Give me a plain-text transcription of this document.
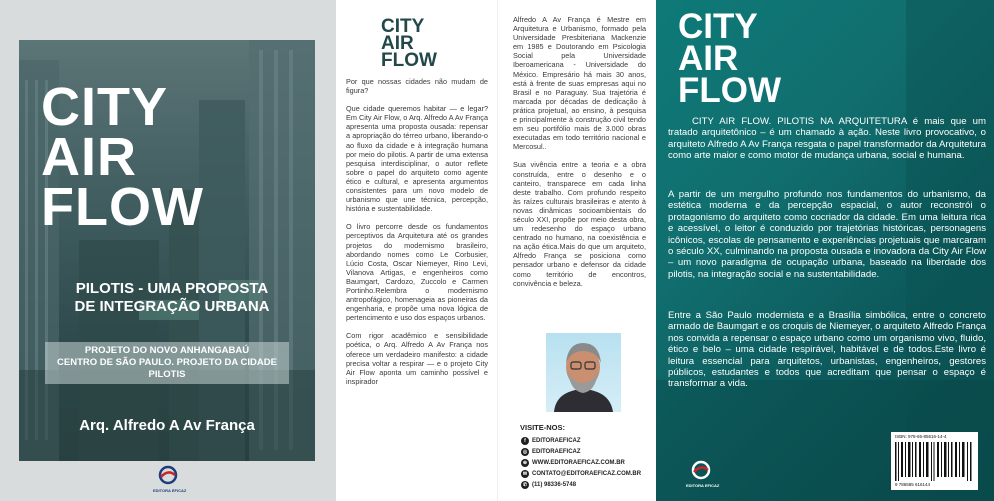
CITY
AIR
FLOW
PILOTIS - UMA PROPOSTA
DE INTEGRAÇÃO URBANA
PROJETO DO NOVO ANHANGABAÚ
CENTRO DE SÃO PAULO. PROJETO DA CIDADE PILOTIS
Arq. Alfredo A Av França
EDITORA EFICAZ
CITY
AIR
FLOW

Por que nossas cidades não mudam de figura?

Que cidade queremos habitar — e legar? Em City Air Flow, o Arq. Alfredo A Av França apresenta uma proposta ousada: repensar a apropriação do térreo urbano, liberando-o ao fluxo da cidade e à integração humana por meio do pilotis. A partir de uma extensa pesquisa interdisciplinar, o autor reflete sobre o papel do arquiteto como agente ético e cultural, e apresenta argumentos consistentes para um novo modelo de urbanismo que une técnica, percepção, história e sustentabilidade.

O livro percorre desde os fundamentos perceptivos da Arquitetura até os grandes projetos do modernismo brasileiro, abordando nomes como Le Corbusier, Lúcio Costa, Oscar Niemeyer, Rino Levi, Vilanova Artigas, e engenheiros como Baumgart, Cardozo, Zuccolo e Carmen Portinho.Relembra o modernismo antropofágico, homenageia as pioneiras da engenharia, e propõe uma nova lógica de pertencimento e uso dos espaços urbanos.

Com rigor acadêmico e sensibilidade poética, o Arq. Alfredo A Av França nos oferece um verdadeiro manifesto: a cidade precisa voltar a respirar — e o projeto City Air Flow aponta um caminho possível e inspirador

Alfredo A Av França é Mestre em Arquitetura e Urbanismo, formado pela Universidade Presbiteriana Mackenzie em 1985 e Doutorando em Psicologia Social pela Universidade Iberoamericana - Universidade do México. Empresário há mais 30 anos, está à frente de suas empresas aqui no Brasil e no Paraguay. Sua trajetória é marcada por décadas de dedicação à prática projetual, ao ensino, à pesquisa e principalmente à construção civil tendo em seu portifólio mais de 3.000 obras executadas em todo território nacional e Mercosul..

Sua vivência entre a teoria e a obra construída, entre o desenho e o canteiro, transparece em cada linha deste trabalho. Com profundo respeito às raízes culturais brasileiras e atento à novas dinâmicas socioambientais do século XXI, propõe por meio desta obra, um redesenho do espaço urbano centrado no humano, na coexistência e na ação ética.Mais do que um arquiteto, Alfredo França se posiciona como pensador urbano e defensor da cidade como território de encontros, convivência e beleza.

VISITE-NOS:
f	EDITORAEFICAZ
◎ EDITORAEFICAZ
⊕ WWW.EDITORAEFICAZ.COM.BR
✉ CONTATO@EDITORAEFICAZ.COM.BR
✆ (11) 98336-5748
CITY
AIR
FLOW
CITY AIR FLOW. PILOTIS NA ARQUITETURA é mais que um tratado arquitetônico – é um chamado à ação. Neste livro provocativo, o arquiteto Alfredo A Av França resgata o papel transformador da Arquitetura como arte maior e como motor de mudança urbana, social e humana.
A partir de um mergulho profundo nos fundamentos do urbanismo, da estética moderna e da percepção espacial, o autor reconstrói o protagonismo do arquiteto como cocriador da cidade. Em uma leitura rica e acessível, o leitor é conduzido por trajetórias históricas, personagens icônicos, escolas de pensamento e experiências projetuais que marcaram o século XX, culminando na proposta ousada e inovadora da City Air Flow – um novo paradigma de ocupação urbana, baseado na liberdade dos pilotis, na integração social e na sustentabilidade.
Entre a São Paulo modernista e a Brasília simbólica, entre o concreto armado de Baumgart e os croquis de Niemeyer, o arquiteto Alfredo França nos convida a repensar o espaço urbano como um organismo vivo, fluido, ético e belo – uma cidade respirável, habitável e de todos.Este livro é leitura essencial para arquitetos, urbanistas, engenheiros, gestores públicos, estudantes e todos que acreditam que pensar o espaço é transformar a vida.
EDITORA EFICAZ
ISBN: 978-65-85616-14-4
9 786585 616144
